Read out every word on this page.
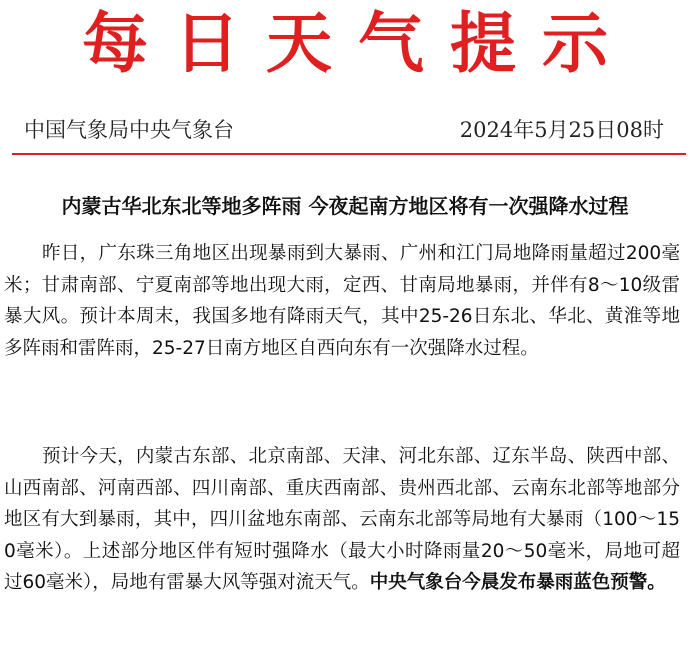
每日天气提示
中国气象局中央气象台	2024年5月25日08时
内蒙古华北东北等地多阵雨 今夜起南方地区将有一次强降水过程

昨日，广东珠三角地区出现暴雨到大暴雨、广州和江门局地降雨量超过200毫米；甘肃南部、宁夏南部等地出现大雨，定西、甘南局地暴雨，并伴有8～10级雷暴大风。预计本周末，我国多地有降雨天气，其中25-26日东北、华北、黄淮等地多阵雨和雷阵雨，25-27日南方地区自西向东有一次强降水过程。

预计今天，内蒙古东部、北京南部、天津、河北东部、辽东半岛、陕西中部、山西南部、河南西部、四川南部、重庆西南部、贵州西北部、云南东北部等地部分地区有大到暴雨，其中，四川盆地东南部、云南东北部等局地有大暴雨（100～150毫米）。上述部分地区伴有短时强降水（最大小时降雨量20～50毫米，局地可超过60毫米），局地有雷暴大风等强对流天气。中央气象台今晨发布暴雨蓝色预警。
